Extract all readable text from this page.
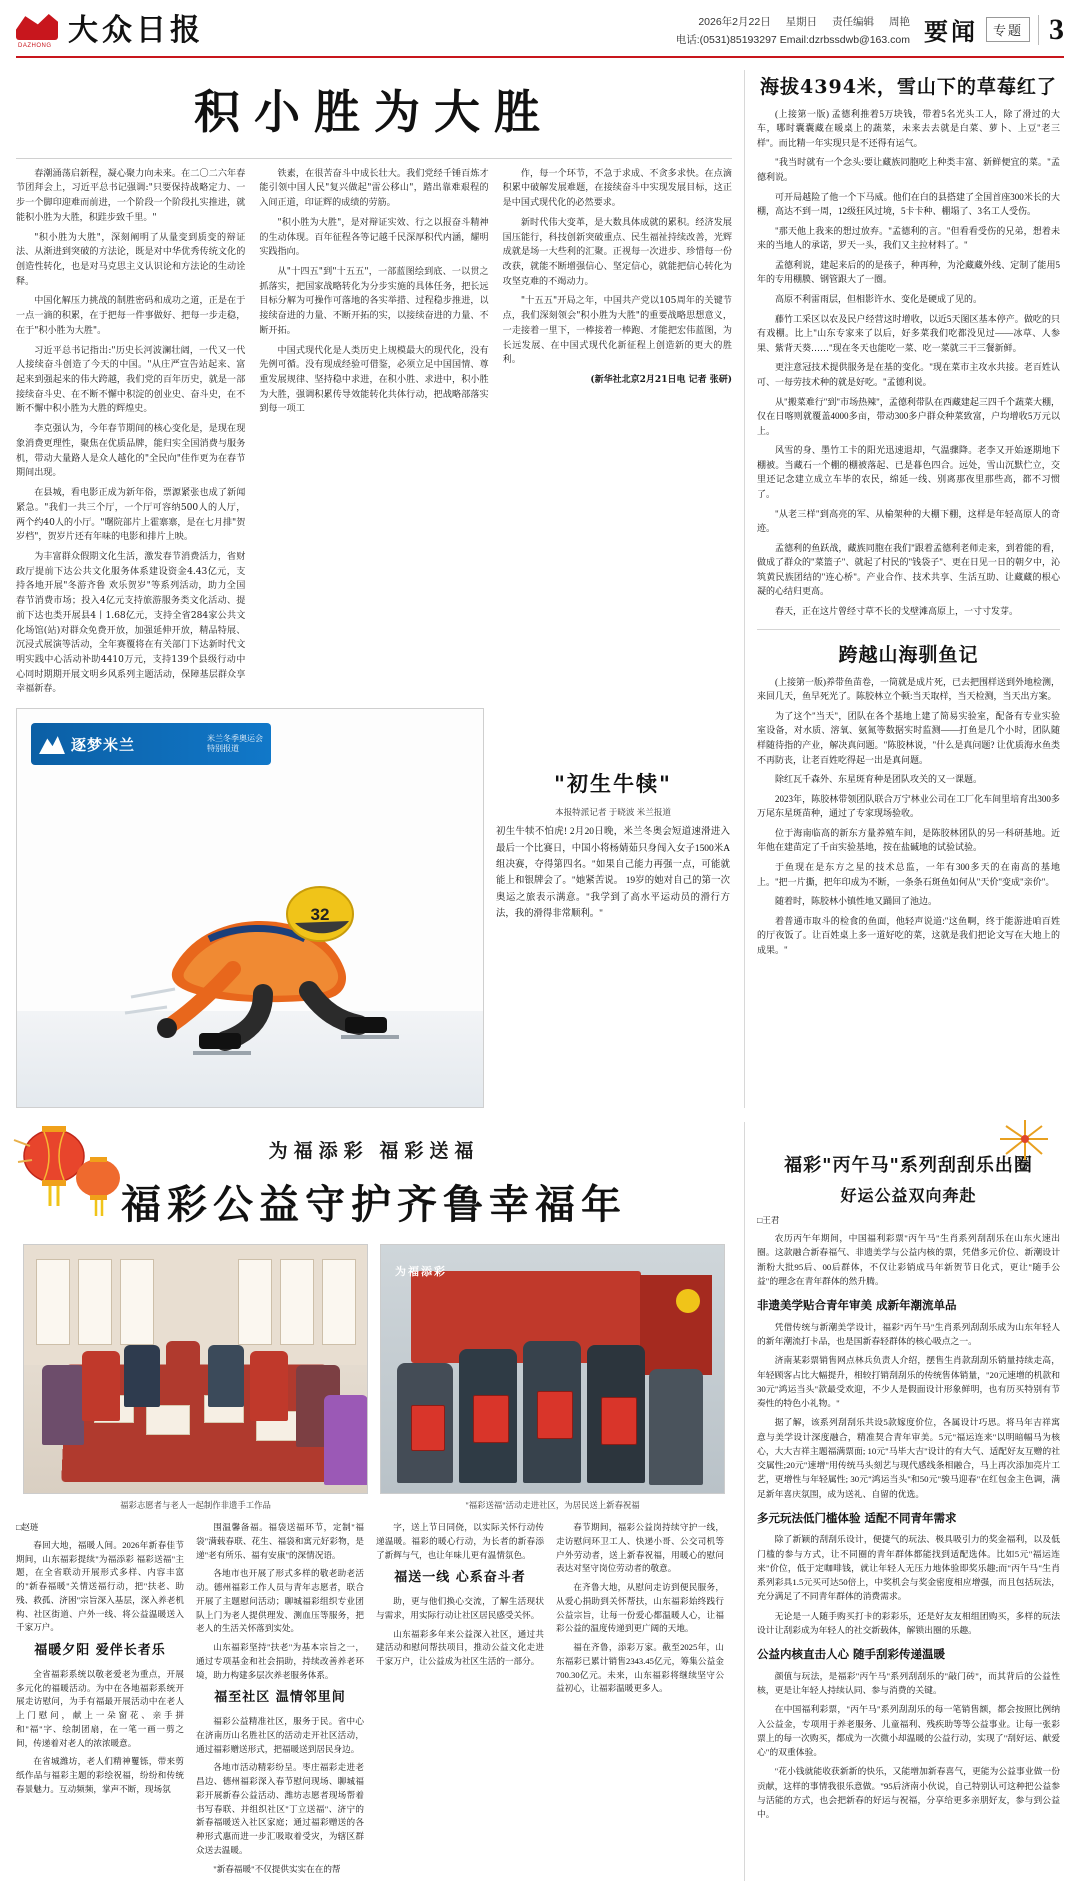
DAZHONG 大众日报	2026年2月22日 星期日 责任编辑 周艳
电话:(0531)85193297 Email:dzrbssdwb@163.com 要闻	专题 3
积小胜为大胜

春潮涌荡启新程，凝心聚力向未来。在二〇二六年春节团拜会上，习近平总书记强调:"只要保持战略定力、一步一个脚印迎难而前进，一个阶段一个阶段扎实推进，就能积小胜为大胜，积跬步致千里。"

"积小胜为大胜"，深刻阐明了从量变到质变的辩证法、从渐进到突破的方法论，既是对中华优秀传统文化的创造性转化，也是对马克思主义认识论和方法论的生动诠释。

中国化解压力挑战的制胜密码和成功之道，正是在于一点一滴的积累，在于把每一件事做好、把每一步走稳，在于"积小胜为大胜"。

习近平总书记指出:"历史长河波澜壮阔，一代又一代人接续奋斗创造了今天的中国。"从庄严宣告站起来、富起来到强起来的伟大跨越，我们党的百年历史，就是一部接续奋斗史、在不断不懈中积淀的创业史、奋斗史，在不断不懈中积小胜为大胜的辉煌史。

李克强认为，今年春节期间的核心变化是，是现在现象消费更理性，聚焦在优质品牌，能归实全国消费与服务机，带动大量路人是众人越化的"全民向"佳作更为在春节期间出现。

在县城，看电影正成为新年俗，票源紧张也成了新闻紧急。"我们一共三个厅，一个厅可容纳500人的人厅，两个约40人的小厅。"曙院部片上霍寨寨，是在七月排"贺岁档"，贺岁片还有年味的电影和排片上映。

为丰富群众假期文化生活，激发春节消费活力，省财政厅提前下达公共文化服务体系建设资金4.43亿元，支持各地开展"冬游齐鲁 欢乐贺岁"等系列活动，助力全国春节消费市场；投入4亿元支持旅游服务类文化活动、提前下达也类开展县4丨1.68亿元，支持全省284家公共文化场馆(站)对群众免费开放，加强延伸开放，精品特展、沉浸式展演等活动，全年赛覆将在有关部门下达新时代文明实践中心活动补助4410万元，支持139个县级行动中心同时期期开展文明乡风系列主题活动，保障基层群众享幸福新春。

铁素，在很苦奋斗中成长壮大。我们党经千锤百炼才能引领中国人民"复兴做起"雷公移山"，踏出靠难艰程的入间正道，印证辉的成绩的劳筋。

"积小胜为大胜"，是对辩证实效、行之以报奋斗精神的生动体现。百年征程各等记越千民深厚积代内涵，耀明实践指向。

从"十四五"到"十五五"，一部蓝图绘到底、一以贯之抓落实，把国家战略转化为分步实施的具体任务，把长远目标分解为可操作可落地的各实举措、过程稳步推进，以接续奋进的力量、不断开拓的实，以接续奋进的力量、不断开拓。

中国式现代化是人类历史上规模最大的现代化，没有先例可循。没有现成经验可借鉴，必须立足中国国情、尊重发展规律、坚持稳中求进，在积小胜、求进中，积小胜为大胜，强调积累传导效能转化共体行动，把战略部落实到每一项工

作，每一个环节，不急于求成、不贪多求快。在点滴积累中破解发展难题，在接续奋斗中实现发展目标，这正是中国式现代化的必然要求。

新时代伟大变革，是大数具体成就的累积。经济发展国压能行，科技创新突破重点、民生福祉持续改善，光辉成就是场一大些利的汇聚。正视每一次进步、珍惜每一份改获，就能不断增强信心、坚定信心，就能把信心转化为攻坚克难的不竭动力。

"十五五"开局之年，中国共产党以105周年的关键节点，我们深刻领会"积小胜为大胜"的重要战略思想意义，一走接着一里下，一棒接着一棒跑、才能把宏伟蓝图，为长远发展、在中国式现代化新征程上创造新的更大的胜利。

(新华社北京2月21日电 记者 张研)
逐梦米兰	米兰冬季奥运会
特别报道
32
"初生牛犊"
本报特派记者 于晓波 米兰报道
初生牛犊不怕虎! 2月20日晚，米兰冬奥会短道速滑进入最后一个比赛日，中国小将杨婧茹只身闯入女子1500米A组决赛，夺得第四名。"如果自己能力再强一点，可能就能上和银牌会了。"她紧苦说。 19岁的她对自己的第一次奥运之旅表示满意。"我学到了高水平运动员的滑行方法，我的滑得非常顺利。"
海拔4394米，雪山下的草莓红了

(上接第一版) 孟德利推着5万块钱，带着5名光头工人，除了滑过的大车，哪时囊囊藏在暖桌上的蔬菜，未来去去就是白菜、萝卜、上豆"老三样"。而比精一年实现只是不还得有运气。

"我当时就有一个念头:要让藏族同胞吃上种类丰富、新鲜便宜的菜。"孟德利说。

可开局越险了他一个下马威。他们在白的县搭建了全国首座300米长的大棚，高达不到一周，12级狂风过境，5卡卡种、棚塌了、3名工人受伤。

"那天他上我来的想过放弃。"孟德利的言。"但看看受伤的兄弟，想着未来的当地人的承诺，罗天一头，我们又主拉材料了。"

孟德利说，建起来后的的是孩子，种再种，为沦藏藏外线、定制了能用5年的专用棚膜、钢管跟大了一圈。

高原不利雷雨层，但相影许水、变化是硬成了见的。

藤竹工采区以农及民户经营这时增收，以近5天图区基本停产。做吃的只有戏棚。比上"山东专家来了以后，好多菜我们吃都没见过——冰草、人参果、紫背天葵……"现在冬天也能吃一菜、吃一菜就三干三餐新鲜。

更注意冠技术提供服务是在基的变化。"现在菜市主攻水共接。老百姓认可、一每劳技术种的就是好吃。"孟德利说。

从"搬菜难行"到"市场热辣"，孟德利带队在西藏建起三四千个蔬菜大棚，仅在日喀则就覆盖4000多亩，带动300多户群众种菜致富，户均增收5万元以上。

风雪的身、墨竹工卡的阳光迅速退却，气温骤降。老李又开始逐期地下棚被。当藏石一个棚的棚被落起、已是暮色四合。远处，雪山沉默伫立，交里还记念建立成立车毕的农民，绵延一线、别离那夜里那些高，都不习惯了。

"从老三样"到高亮的军、从榆架种的大棚下棚，这样是年轻高原人的奇迹。

孟德利的鱼跃战，藏族同胞在我们"跟着孟德利老师走来，到着能的看，做成了群众的"菜篮子"、就起了村民的"钱袋子"、更在日见一日的朝夕中，沁筑黄民族团结的"连心桥"。产业合作、技术共享、生活互助、让藏藏的根心凝的心结归更高。

春天，正在这片曾经寸草不长的戈壁滩高原上，一寸寸发芽。

跨越山海驯鱼记

(上接第一版)养带鱼苗卷，一筒就是成片死，已去把围样送到外地检测，来回几天，鱼早死光了。陈胶林立个顿:当天取样，当天检测，当天出方案。

为了这个"当天"，团队在各个基地上建了简易实验室，配备有专业实验室设备，对水质、溶氧、氨氮等数据实时监测——打鱼是几个小时，团队随样随待指的产业，解决真问题。"陈胶林说，"什么是真问题? 让优质海水鱼类不再防丧，让老百姓吃得起一出是真问题。

除红瓦千森外、东星斑育种是团队攻关的又一课题。

2023年，陈胶林带领团队联合万宁林业公司在工厂化车间里培育出300多万尾东星斑苗种，通过了专家现场验收。

位于海南临高的新东方量养殖车间，是陈胶林团队的另一科研基地。近年他在建苗定了千亩实验基地，按在盐碱地的试验试验。

于鱼现在是东方之星的技术总监，一年有300多天的在南高的基地上。"把一片撕，把年印成为不断，一条条石斑鱼如何从"天价"变成"亲价"。

随着时，陈胶林小镇性地又踊回了池边。

着普通市取斗的检食的鱼面，他轻声说道:"这鱼啊，终于能游进咱百姓的厅夜饭了。让百姓桌上多一道好吃的菜，这就是我们把论文写在大地上的成果。"

为福添彩 福彩送福
福彩公益守护齐鲁幸福年
福彩志愿者与老人一起制作非遗手工作品
为福添彩
"福彩送福"活动走进社区，为居民送上新春祝福
□赵琏

春回大地，福暖人间。2026年新春佳节期间，山东福彩提续"为福添彩 福彩送福"主题，在全省联动开展形式多样、内容丰富的"新春福暖"关情送福行动，把"扶老、助残、救孤、济困"宗旨深入基层，深入养老机构、社区街道、户外一线、将公益温暖送入千家万户。

福暖夕阳 爱伴长者乐

全省福彩系统以敬老爱老为重点，开展多元化的福暖活动。为中在各地福彩系统开展走访慰问，为手有福最开展活动中在老人上门慰问，献上一朵窗花、亲手拼和"福"字、绘制团扇，在一笔一画一剪之间，传递着对老人的浓浓暖意。

在省城潍坊，老人们精神矍铄，带来剪纸作品与福彩主题的彩绘祝福，纷纷和传统春景魅力。互动频频，掌声不断，现场氛

围温馨备福。福袋送福环节，定制"福袋"满载春联、花生、福袋和寓元好彩物，是递"老有所乐、福有安康"的深情况语。

各地市也开展了形式多样的敬老助老活动。德州福彩工作人员与青年志愿者，联合开展了主题慰问活动；聊城福彩组织专业团队上门为老人提供理发、测血压等服务，把老人的生活关怀落到实处。

山东福彩坚持"扶老"为基本宗旨之一，通过专项基金和社会捐助，持续改善养老环境，助力构建多层次养老服务体系。

福至社区 温情邻里间

福彩公益精准社区，服务于民。省中心在济南历山名胜社区的活动走开社区活动，通过福彩赠送形式，把福暖送到居民身边。

各地市活动精彩纷呈。枣庄福彩走进老昌边、德州福彩深入春节慰问现场、聊城福彩开展新春公益活动、潍坊志愿者现场帮着书写春联、并组织社区"丁立送福"、济宁的新春福暖送入社区家庭；通过福彩赠送的各种形式惠而进一步汇吸取着受灾，为辖区群众送去温暖。

"新春福暖"不仅提供实实在在的帮

字，送上节日同侥，以实际关怀行动传递温暖。福彩的暖心行动，为长者的新春添了新辉与气，也让年味儿更有温情氛色。

福送一线 心系奋斗者

助，更与他们换心交流，了解生活现状与需求，用实际行动让社区居民感受关怀。

山东福彩多年来公益深入社区，通过共建活动和慰问帮扶项目，推动公益文化走进千家万户，让公益成为社区生活的一部分。

春节期间，福彩公益岗持续守护一线，走访慰问环卫工人、快递小哥、公交司机等户外劳动者，送上新春祝福，用暖心的慰问表达对坚守岗位劳动者的敬意。

在齐鲁大地，从慰问走访到便民服务，从爱心捐助到关怀帮扶，山东福彩始终践行公益宗旨，让每一份爱心都温暖人心，让福彩公益的温度传递到更广阔的天地。

福在齐鲁，添彩万家。截至2025年，山东福彩已累计销售2343.45亿元，筹集公益金700.30亿元。未来，山东福彩将继续坚守公益初心，让福彩温暖更多人。

福彩"丙午马"系列刮刮乐出圈
好运公益双向奔赴
□王君

农历丙午年期间，中国福利彩票"丙午马"生肖系列刮刮乐在山东火速出圈。这款融合新春福气、非遗美学与公益内核的票，凭借多元价位、新潮设计渐粉大批95后、00后群体，不仅让彩销成马年新贺节日化式，更让"随手公益"的理念在青年群体的然升腾。

非遗美学贴合青年审美 成新年潮流单品

凭借传统与新潮美学设计，福彩"丙午马"生肖系列刮刮乐成为山东年轻人的新年潮流打卡品，也是国新春轻群体的核心吸点之一。

济南某彩票销售网点林兵负责人介绍，摆售生肖款刮刮乐销量持续走高，年轻顾客占比大幅提升，相较打销刮刮乐的传统售体销量，"20元速增的机款和30元"鸿运当头"款最受欢迎，不少人是假面设计形象鲜明，也有历买特别有节奏性的特色小礼物。"

据了解，该系列刮刮乐共设5款嫁度价位，各属设计巧思。将马年吉祥寓意与美学设计深度融合，精准契合青年审美。5元"福运连来"以明暗幅马为核心，大大吉祥主题福满票面; 10元"马毕大吉"设计的有大气、适配好友互赠的社交属性;20元"速增"用传统马头刻艺与现代感线条相融合，马上再次添加亮片工艺，更增性与年轻属性; 30元"鸿运当头"和50元"骏马迎春"在红包金主色调，满足新年喜庆氛围，成为送礼、自留的优选。

多元玩法低门槛体验 适配不同青年需求

除了新颖的刮刮乐设计，便捷气的玩法、极具吸引力的奖金福利，以及低门槛的参与方式，让不同圈的青年群体都能找到适配选体。比如5元"福运连来"价位，低于定咖啡钱，就让年轻人无压力地体验即奖乐趣;而"丙午马"生肖系列彩具1.5元买可达50倍上，中奖机会与奖金密度相应增强，而且包括玩法，充分满足了不同青年群体的消费需求。

无论是一人随手购买打卡的彩彩乐，还是好友友相组团购买，多样的玩法设计让刮彩成为年轻人的社交新载体，解锁出圈的乐趣。

公益内核直击人心 随手刮彩传递温暖

颜值与玩法，是福彩"丙午马"系列刮刮乐的"敲门砖"，而其背后的公益性核，更是让年轻人持续认同、参与消费的关键。

在中国福利彩票，"丙午马"系列刮刮乐的每一笔销售额，都会按照比例纳入公益金，专项用于养老服务、儿童福利、残疾助等等公益事业。让每一张彩票上的每一次购买，都成为一次微小却温暖的公益行动，实现了"刮好运、献爱心"的双重体验。

"花小钱就能收获新新的快乐，又能增加新春喜气，更能为公益事业做一份贡献，这样的事情我很乐意做。"95后济南小伙说，自己特别认可这种把公益参与活能的方式，也会把新春的好运与祝福，分享给更多亲朋好友，参与到公益中。
